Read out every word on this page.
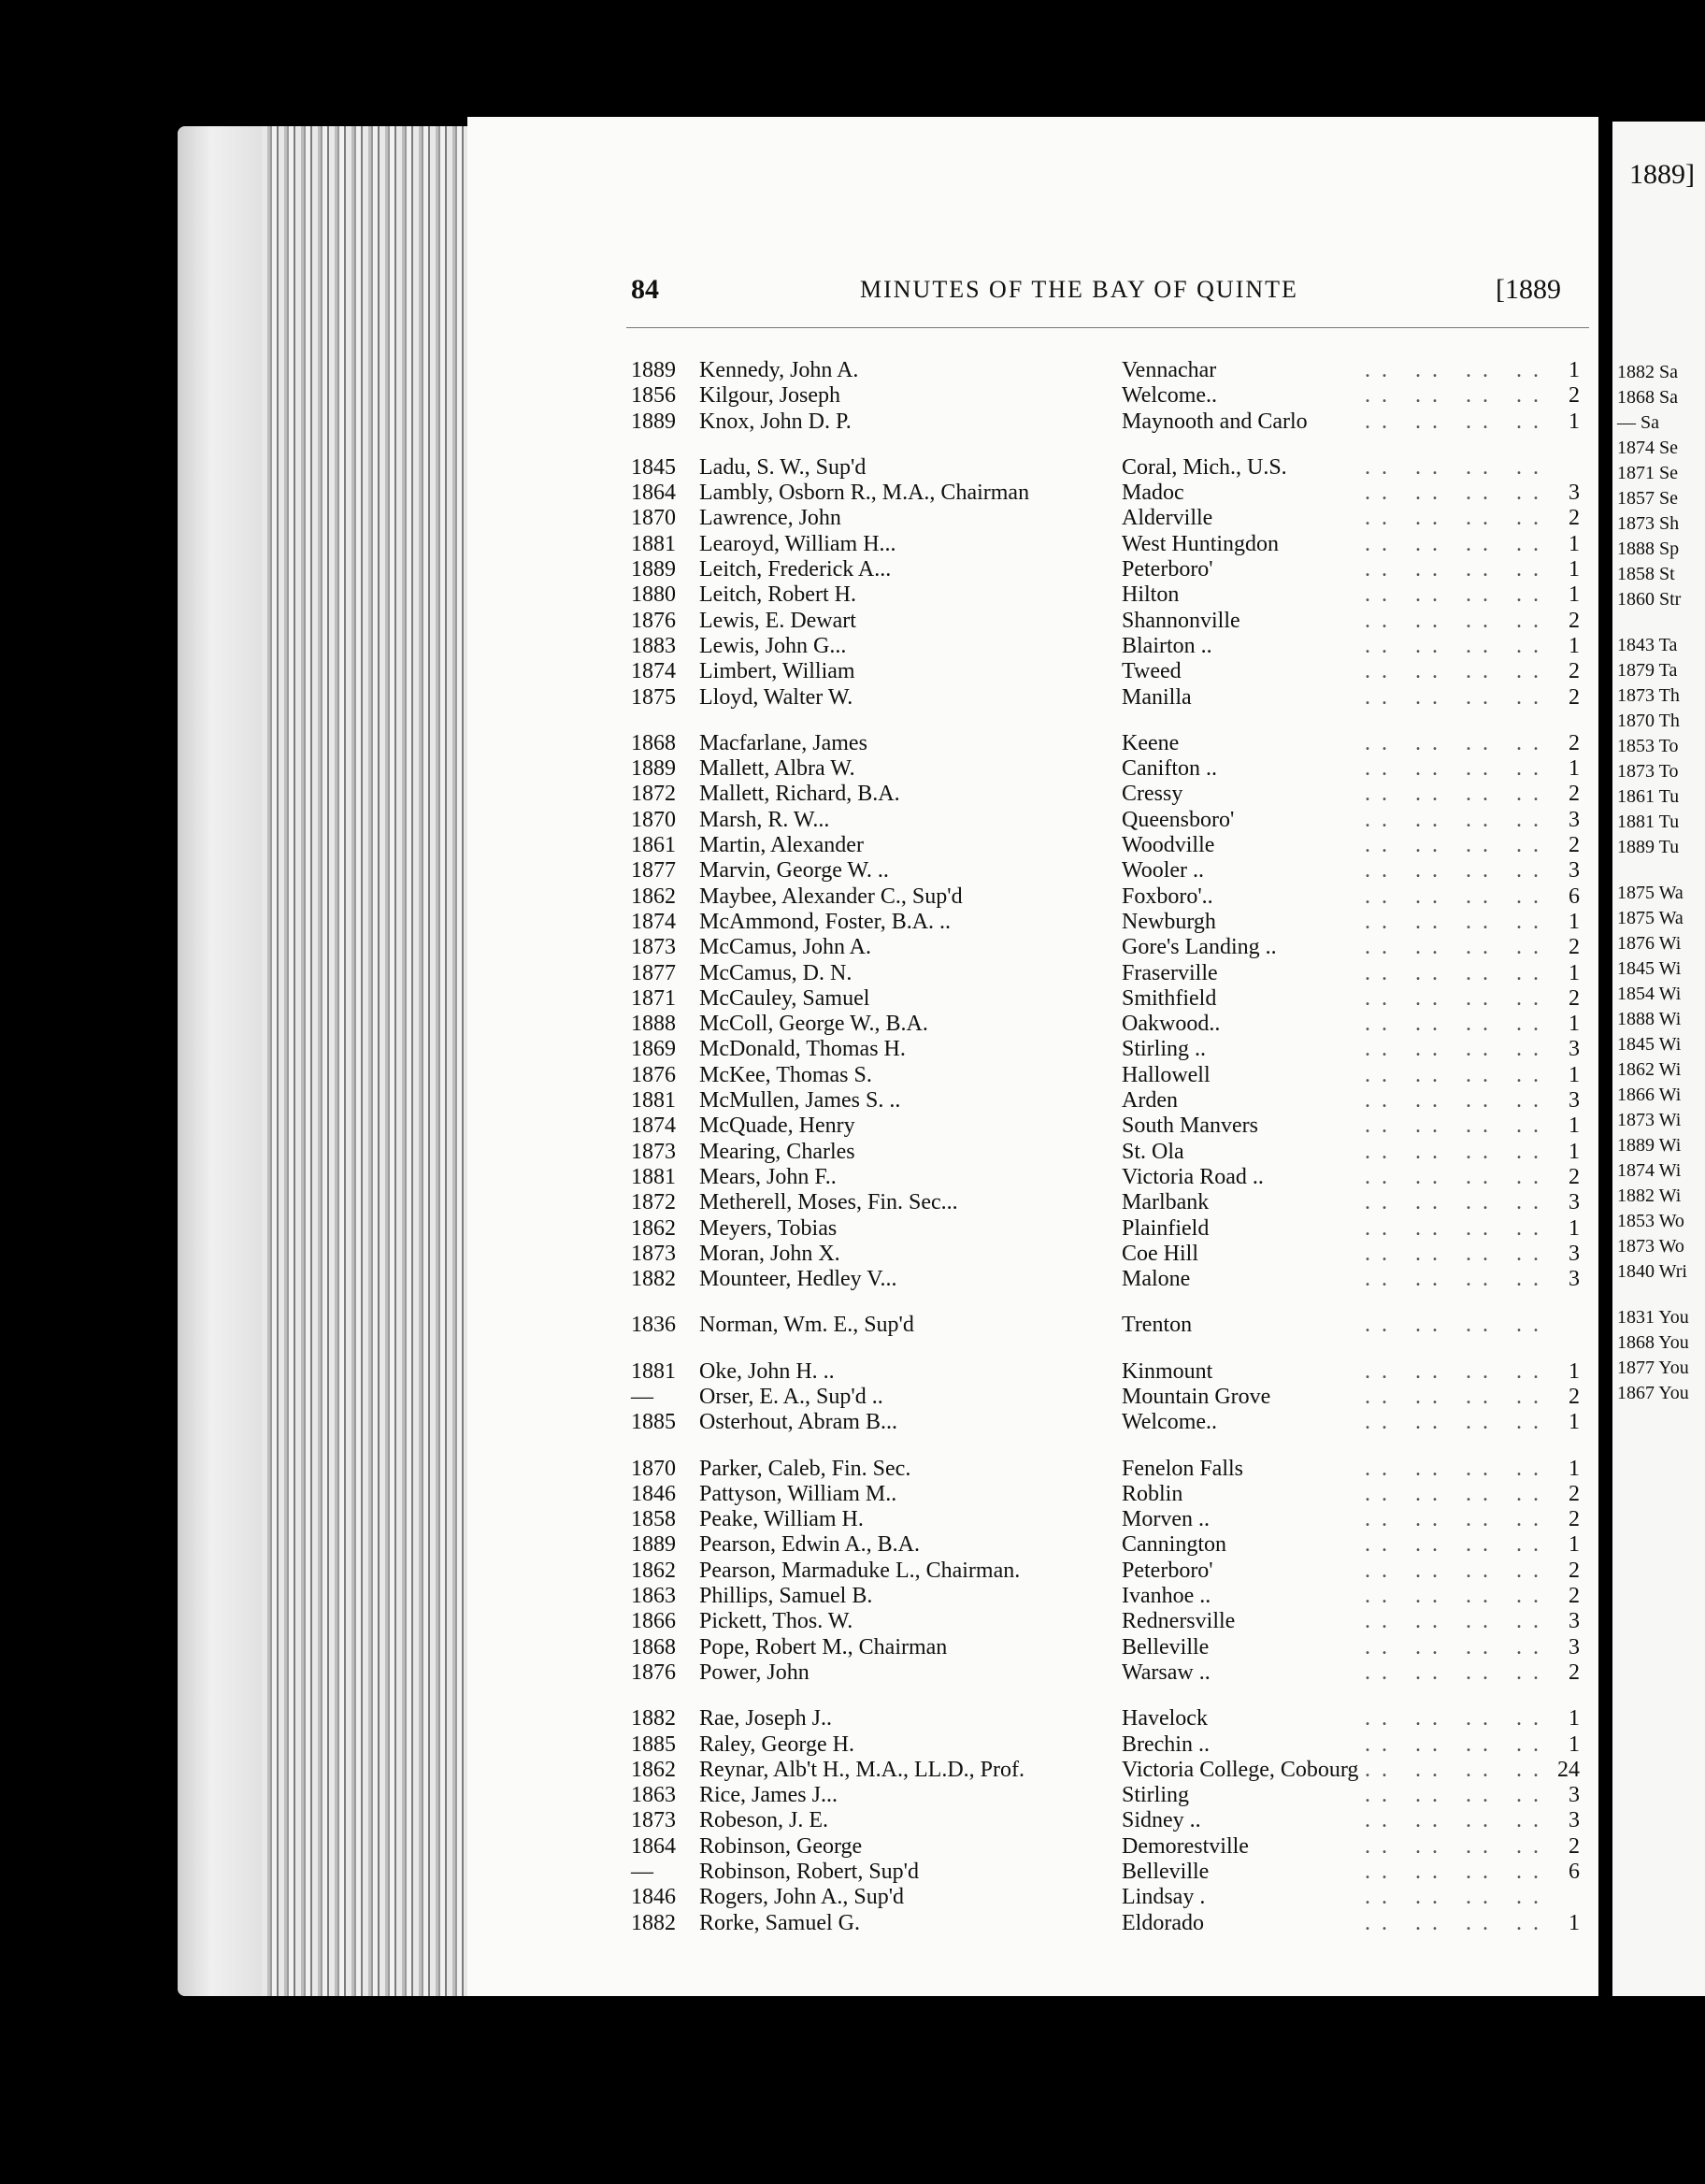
84	MINUTES OF THE BAY OF QUINTE	[1889
1889	Kennedy, John A.	Vennachar	1
.. .. .. ..
1856	Kilgour, Joseph	Welcome..	2
.. .. .. ..
1889	Knox, John D. P.	Maynooth and Carlo	1
.. .. .. ..
1845	Ladu, S. W., Sup'd	Coral, Mich., U.S.	.. .. .. ..
1864	Lambly, Osborn R., M.A., Chairman	Madoc	3
.. .. .. ..
1870	Lawrence, John	Alderville	2
.. .. .. ..
1881	Learoyd, William H...	West Huntingdon	1
.. .. .. ..
1889	Leitch, Frederick A...	Peterboro'	1
.. .. .. ..
1880	Leitch, Robert H.	Hilton	1
.. .. .. ..
1876	Lewis, E. Dewart	Shannonville	2
.. .. .. ..
1883	Lewis, John G...	Blairton ..	1
.. .. .. ..
1874	Limbert, William	Tweed	2
.. .. .. ..
1875	Lloyd, Walter W.	Manilla	2
.. .. .. ..
1868	Macfarlane, James	Keene	2
.. .. .. ..
1889	Mallett, Albra W.	Canifton ..	1
.. .. .. ..
1872	Mallett, Richard, B.A.	Cressy	2
.. .. .. ..
1870	Marsh, R. W...	Queensboro'	3
.. .. .. ..
1861	Martin, Alexander	Woodville	2
.. .. .. ..
1877	Marvin, George W. ..	Wooler ..	3
.. .. .. ..
1862	Maybee, Alexander C., Sup'd	Foxboro'..	6
.. .. .. ..
1874	McAmmond, Foster, B.A. ..	Newburgh	1
.. .. .. ..
1873	McCamus, John A.	Gore's Landing ..	2
.. .. .. ..
1877	McCamus, D. N.	Fraserville	1
.. .. .. ..
1871	McCauley, Samuel	Smithfield	2
.. .. .. ..
1888	McColl, George W., B.A.	Oakwood..	1
.. .. .. ..
1869	McDonald, Thomas H.	Stirling ..	3
.. .. .. ..
1876	McKee, Thomas S.	Hallowell	1
.. .. .. ..
1881	McMullen, James S. ..	Arden	3
.. .. .. ..
1874	McQuade, Henry	South Manvers	1
.. .. .. ..
1873	Mearing, Charles	St. Ola	1
.. .. .. ..
1881	Mears, John F..	Victoria Road ..	2
.. .. .. ..
1872	Metherell, Moses, Fin. Sec...	Marlbank	3
.. .. .. ..
1862	Meyers, Tobias	Plainfield	1
.. .. .. ..
1873	Moran, John X.	Coe Hill	3
.. .. .. ..
1882	Mounteer, Hedley V...	Malone	3
.. .. .. ..
1836	Norman, Wm. E., Sup'd	Trenton	.. .. .. ..
1881	Oke, John H. ..	Kinmount	1
.. .. .. ..
—	Orser, E. A., Sup'd ..	Mountain Grove	2
.. .. .. ..
1885	Osterhout, Abram B...	Welcome..	1
.. .. .. ..
1870	Parker, Caleb, Fin. Sec.	Fenelon Falls	1
.. .. .. ..
1846	Pattyson, William M..	Roblin	2
.. .. .. ..
1858	Peake, William H.	Morven ..	2
.. .. .. ..
1889	Pearson, Edwin A., B.A.	Cannington	1
.. .. .. ..
1862	Pearson, Marmaduke L., Chairman.	Peterboro'	2
.. .. .. ..
1863	Phillips, Samuel B.	Ivanhoe ..	2
.. .. .. ..
1866	Pickett, Thos. W.	Rednersville	3
.. .. .. ..
1868	Pope, Robert M., Chairman	Belleville	3
.. .. .. ..
1876	Power, John	Warsaw ..	2
.. .. .. ..
1882	Rae, Joseph J..	Havelock	1
.. .. .. ..
1885	Raley, George H.	Brechin ..	1
.. .. .. ..
1862	Reynar, Alb't H., M.A., LL.D., Prof.	Victoria College, Cobourg	24
.. .. .. ..
1863	Rice, James J...	Stirling	3
.. .. .. ..
1873	Robeson, J. E.	Sidney ..	3
.. .. .. ..
1864	Robinson, George	Demorestville	2
.. .. .. ..
—	Robinson, Robert, Sup'd	Belleville	6
.. .. .. ..
1846	Rogers, John A., Sup'd	Lindsay .	.. .. .. ..
1882	Rorke, Samuel G.	Eldorado	1
.. .. .. ..
1889]
1882 Sa
1868 Sa
— Sa
1874 Se
1871 Se
1857 Se
1873 Sh
1888 Sp
1858 St
1860 Str
1843 Ta
1879 Ta
1873 Th
1870 Th
1853 To
1873 To
1861 Tu
1881 Tu
1889 Tu
1875 Wa
1875 Wa
1876 Wi
1845 Wi
1854 Wi
1888 Wi
1845 Wi
1862 Wi
1866 Wi
1873 Wi
1889 Wi
1874 Wi
1882 Wi
1853 Wo
1873 Wo
1840 Wri
1831 You
1868 You
1877 You
1867 You
